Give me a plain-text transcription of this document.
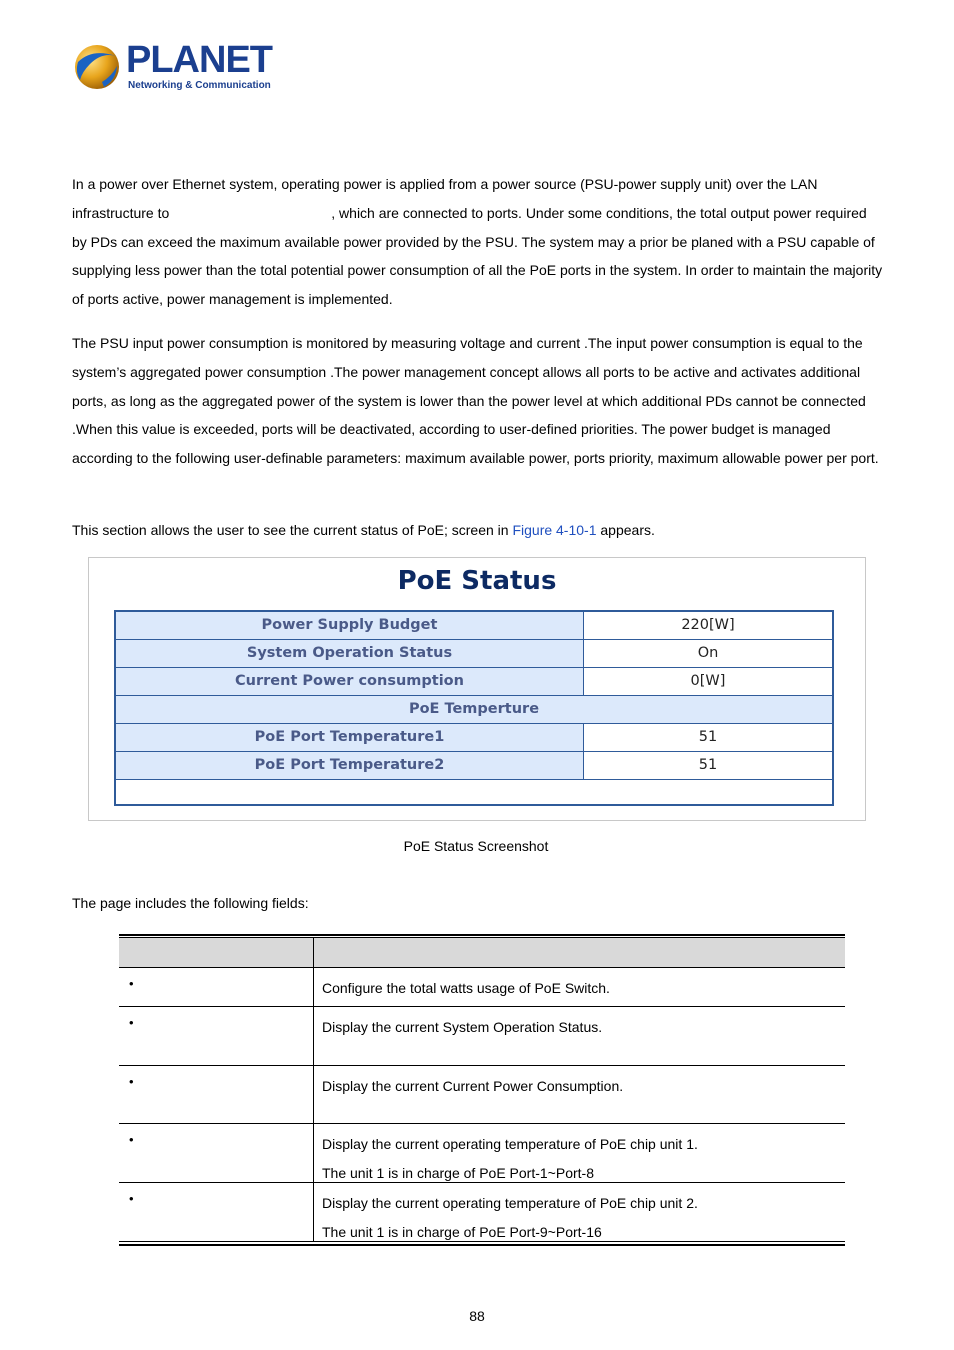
PLANET
Networking & Communication

In a power over Ethernet system, operating power is applied from a power source (PSU-power supply unit) over the LAN infrastructure to	, which are connected to ports. Under some conditions, the total output power required by PDs can exceed the maximum available power provided by the PSU. The system may a prior be planed with a PSU capable of supplying less power than the total potential power consumption of all the PoE ports in the system. In order to maintain the majority of ports active, power management is implemented.

The PSU input power consumption is monitored by measuring voltage and current .The input power consumption is equal to the system’s aggregated power consumption .The power management concept allows all ports to be active and activates additional ports, as long as the aggregated power of the system is lower than the power level at which additional PDs cannot be connected .When this value is exceeded, ports will be deactivated, according to user-defined priorities. The power budget is managed according to the following user-definable parameters: maximum available power, ports priority, maximum allowable power per port.

This section allows the user to see the current status of PoE; screen in Figure 4-10-1 appears.

PoE Status
Power Supply Budget	220[W]
System Operation Status	On
Current Power consumption	0[W]
PoE Temperture
PoE Port Temperature1	51
PoE Port Temperature2	51
PoE Status Screenshot
The page includes the following fields:
•	Configure the total watts usage of PoE Switch.
•	Display the current System Operation Status.
•	Display the current Current Power Consumption.
•	Display the current operating temperature of PoE chip unit 1.
The unit 1 is in charge of PoE Port-1~Port-8
•	Display the current operating temperature of PoE chip unit 2.
The unit 1 is in charge of PoE Port-9~Port-16
88
